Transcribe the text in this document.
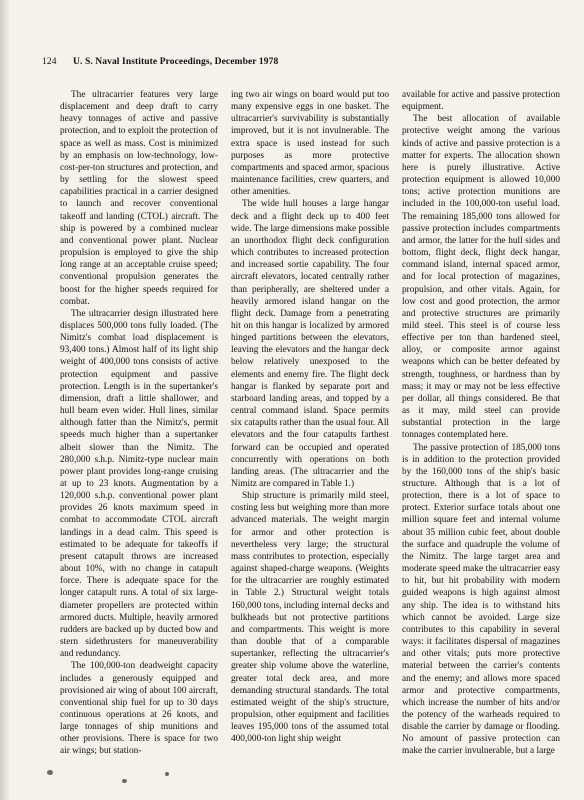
124 U. S. Naval Institute Proceedings, December 1978

The ultracarrier features very large displacement and deep draft to carry heavy tonnages of active and passive protection, and to exploit the protection of space as well as mass. Cost is minimized by an emphasis on low-technology, low-cost-per-ton structures and protection, and by settling for the slowest speed capabilities practical in a carrier designed to launch and recover conventional takeoff and landing (CTOL) aircraft. The ship is powered by a combined nuclear and conventional power plant. Nuclear propulsion is employed to give the ship long range at an acceptable cruise speed; conventional propulsion generates the boost for the higher speeds required for combat.

The ultracarrier design illustrated here displaces 500,000 tons fully loaded. (The Nimitz's combat load displacement is 93,400 tons.) Almost half of its light ship weight of 400,000 tons consists of active protection equipment and passive protection. Length is in the supertanker's dimension, draft a little shallower, and hull beam even wider. Hull lines, similar although fatter than the Nimitz's, permit speeds much higher than a supertanker albeit slower than the Nimitz. The 280,000 s.h.p. Nimitz-type nuclear main power plant provides long-range cruising at up to 23 knots. Augmentation by a 120,000 s.h.p. conventional power plant provides 26 knots maximum speed in combat to accommodate CTOL aircraft landings in a dead calm. This speed is estimated to be adequate for takeoffs if present catapult throws are increased about 10%, with no change in catapult force. There is adequate space for the longer catapult runs. A total of six large-diameter propellers are protected within armored ducts. Multiple, heavily armored rudders are backed up by ducted bow and stern sidethrusters for maneuverability and redundancy.

The 100,000-ton deadweight capacity includes a generously equipped and provisioned air wing of about 100 aircraft, conventional ship fuel for up to 30 days continuous operations at 26 knots, and large tonnages of ship munitions and other provisions. There is space for two air wings; but station-

ing two air wings on board would put too many expensive eggs in one basket. The ultracarrier's survivability is substantially improved, but it is not invulnerable. The extra space is used instead for such purposes as more protective compartments and spaced armor, spacious maintenance facilities, crew quarters, and other amenities.

The wide hull houses a large hangar deck and a flight deck up to 400 feet wide. The large dimensions make possible an unorthodox flight deck configuration which contributes to increased protection and increased sortie capability. The four aircraft elevators, located centrally rather than peripherally, are sheltered under a heavily armored island hangar on the flight deck. Damage from a penetrating hit on this hangar is localized by armored hinged partitions between the elevators, leaving the elevators and the hangar deck below relatively unexposed to the elements and enemy fire. The flight deck hangar is flanked by separate port and starboard landing areas, and topped by a central command island. Space permits six catapults rather than the usual four. All elevators and the four catapults farthest forward can be occupied and operated concurrently with operations on both landing areas. (The ultracarrier and the Nimitz are compared in Table 1.)

Ship structure is primarily mild steel, costing less but weighing more than more advanced materials. The weight margin for armor and other protection is nevertheless very large; the structural mass contributes to protection, especially against shaped-charge weapons. (Weights for the ultracarrier are roughly estimated in Table 2.) Structural weight totals 160,000 tons, including internal decks and bulkheads but not protective partitions and compartments. This weight is more than double that of a comparable supertanker, reflecting the ultracarrier's greater ship volume above the waterline, greater total deck area, and more demanding structural standards. The total estimated weight of the ship's structure, propulsion, other equipment and facilities leaves 195,000 tons of the assumed total 400,000-ton light ship weight

available for active and passive protection equipment.

The best allocation of available protective weight among the various kinds of active and passive protection is a matter for experts. The allocation shown here is purely illustrative. Active protection equipment is allowed 10,000 tons; active protection munitions are included in the 100,000-ton useful load. The remaining 185,000 tons allowed for passive protection includes compartments and armor, the latter for the hull sides and bottom, flight deck, flight deck hangar, command island, internal spaced armor, and for local protection of magazines, propulsion, and other vitals. Again, for low cost and good protection, the armor and protective structures are primarily mild steel. This steel is of course less effective per ton than hardened steel, alloy, or composite armor against weapons which can be better defeated by strength, toughness, or hardness than by mass; it may or may not be less effective per dollar, all things considered. Be that as it may, mild steel can provide substantial protection in the large tonnages contemplated here.

The passive protection of 185,000 tons is in addition to the protection provided by the 160,000 tons of the ship's basic structure. Although that is a lot of protection, there is a lot of space to protect. Exterior surface totals about one million square feet and internal volume about 35 million cubic feet, about double the surface and quadruple the volume of the Nimitz. The large target area and moderate speed make the ultracarrier easy to hit, but hit probability with modern guided weapons is high against almost any ship. The idea is to withstand hits which cannot be avoided. Large size contributes to this capability in several ways: it facilitates dispersal of magazines and other vitals; puts more protective material between the carrier's contents and the enemy; and allows more spaced armor and protective compartments, which increase the number of hits and/or the potency of the warheads required to disable the carrier by damage or flooding. No amount of passive protection can make the carrier invulnerable, but a large
